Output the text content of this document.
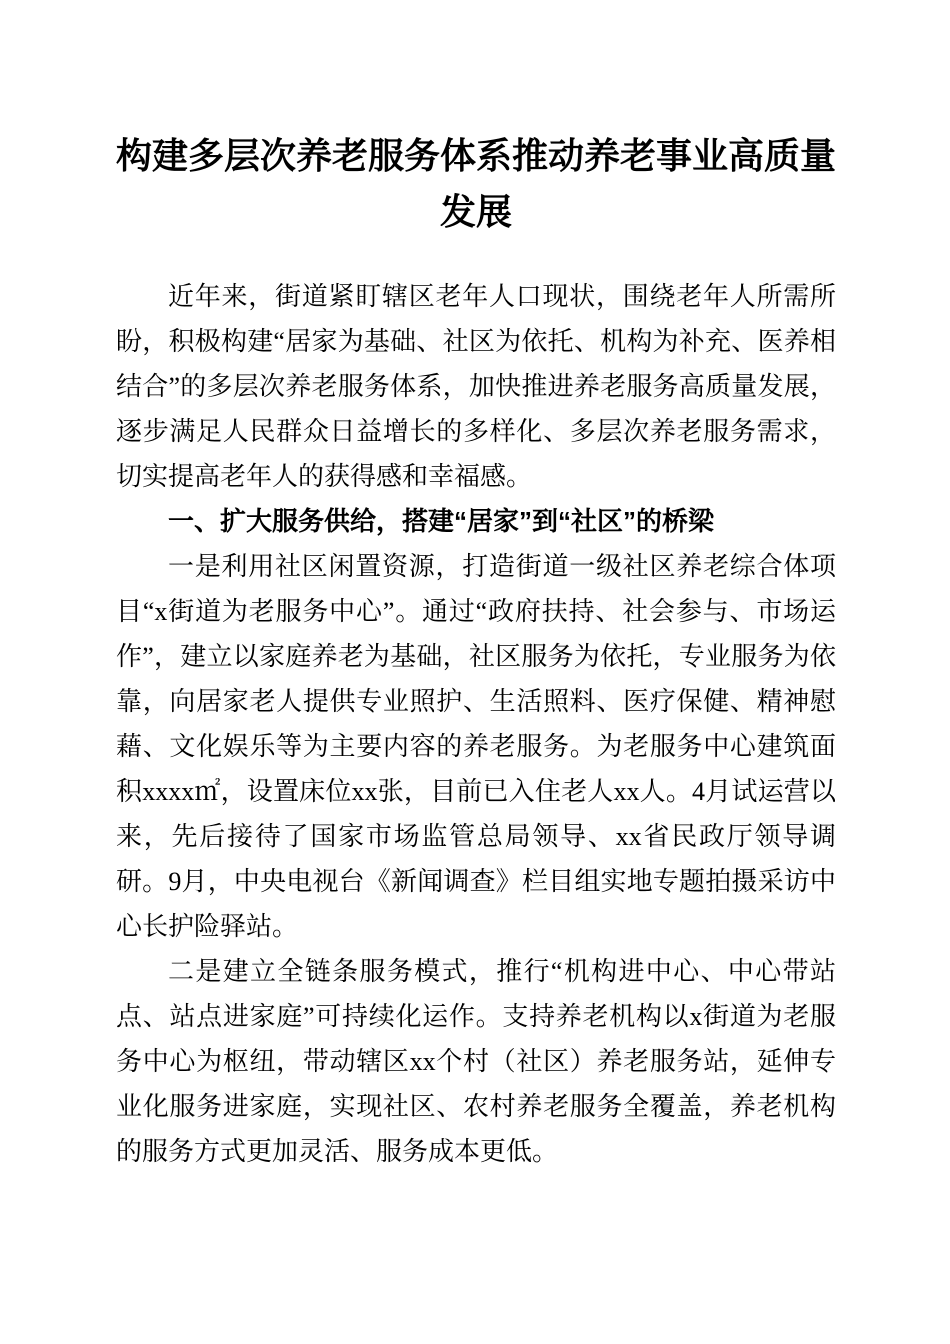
构建多层次养老服务体系推动养老事业高质量发展

近年来，街道紧盯辖区老年人口现状，围绕老年人所需所盼，积极构建“居家为基础、社区为依托、机构为补充、医养相结合”的多层次养老服务体系，加快推进养老服务高质量发展，逐步满足人民群众日益增长的多样化、多层次养老服务需求，切实提高老年人的获得感和幸福感。

一、扩大服务供给，搭建“居家”到“社区”的桥梁

一是利用社区闲置资源，打造街道一级社区养老综合体项目“x街道为老服务中心”。通过“政府扶持、社会参与、市场运作”，建立以家庭养老为基础，社区服务为依托，专业服务为依靠，向居家老人提供专业照护、生活照料、医疗保健、精神慰藉、文化娱乐等为主要内容的养老服务。为老服务中心建筑面积xxxx㎡，设置床位xx张，目前已入住老人xx人。4月试运营以来，先后接待了国家市场监管总局领导、xx省民政厅领导调研。9月，中央电视台《新闻调查》栏目组实地专题拍摄采访中心长护险驿站。

二是建立全链条服务模式，推行“机构进中心、中心带站点、站点进家庭”可持续化运作。支持养老机构以x街道为老服务中心为枢纽，带动辖区xx个村（社区）养老服务站，延伸专业化服务进家庭，实现社区、农村养老服务全覆盖，养老机构的服务方式更加灵活、服务成本更低。
